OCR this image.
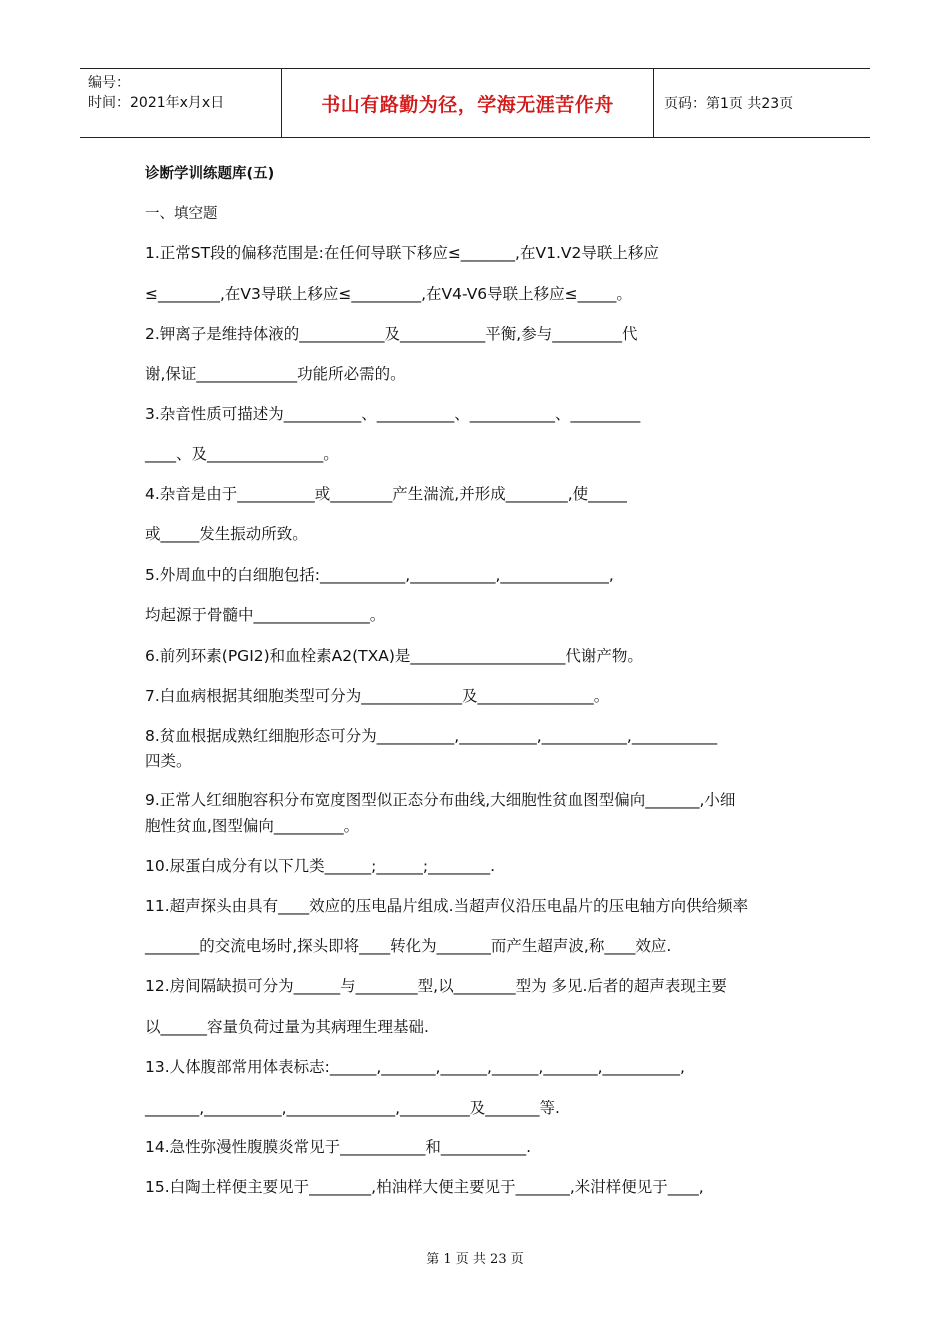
编号：
时间：2021年x月x日	书山有路勤为径，学海无涯苦作舟	页码：第1页 共23页
诊断学训练题库(五)
一、填空题
1.正常ST段的偏移范围是:在任何导联下移应≤_______,在V1.V2导联上移应
≤________,在V3导联上移应≤_________,在V4-V6导联上移应≤_____。
2.钾离子是维持体液的___________及___________平衡,参与_________代
谢,保证_____________功能所必需的。
3.杂音性质可描述为__________、__________、___________、_________
____、及_______________。
4.杂音是由于__________或________产生湍流,并形成________,使_____
或_____发生振动所致。
5.外周血中的白细胞包括:___________,___________,______________,
均起源于骨髓中_______________。
6.前列环素(PGI2)和血栓素A2(TXA)是____________________代谢产物。
7.白血病根据其细胞类型可分为_____________及_______________。
8.贫血根据成熟红细胞形态可分为__________,__________,___________,___________
四类。
9.正常人红细胞容积分布宽度图型似正态分布曲线,大细胞性贫血图型偏向_______,小细
胞性贫血,图型偏向_________。
10.尿蛋白成分有以下几类______;______;________.
11.超声探头由具有____效应的压电晶片组成.当超声仪沿压电晶片的压电轴方向供给频率
_______的交流电场时,探头即将____转化为_______而产生超声波,称____效应.
12.房间隔缺损可分为______与________型,以________型为 多见.后者的超声表现主要
以______容量负荷过量为其病理生理基础.
13.人体腹部常用体表标志:______,_______,______,______,_______,__________,
_______,__________,______________,_________及_______等.
14.急性弥漫性腹膜炎常见于___________和___________.
15.白陶土样便主要见于________,柏油样大便主要见于_______,米泔样便见于____,
第 1 页 共 23 页
